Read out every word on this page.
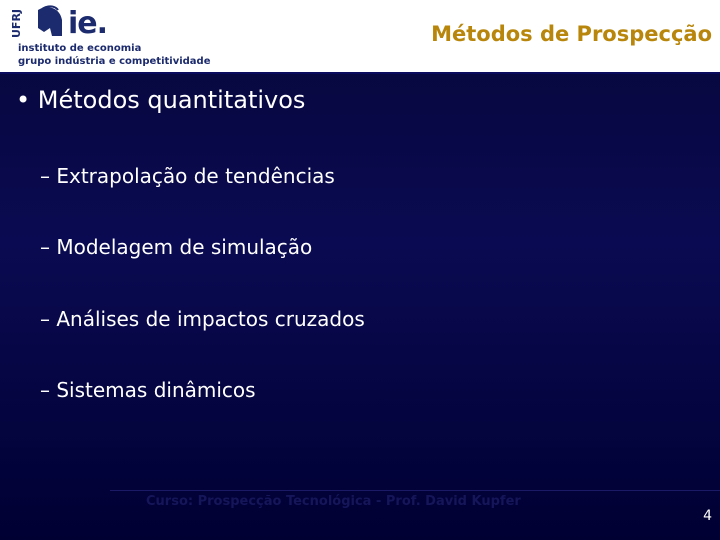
UFRJ ie.
instituto de economia
grupo indústria e competitividade
Métodos de Prospecção
• Métodos quantitativos
– Extrapolação de tendências
– Modelagem de simulação
– Análises de impactos cruzados
– Sistemas dinâmicos
Curso: Prospecção Tecnológica - Prof. David Kupfer
4
